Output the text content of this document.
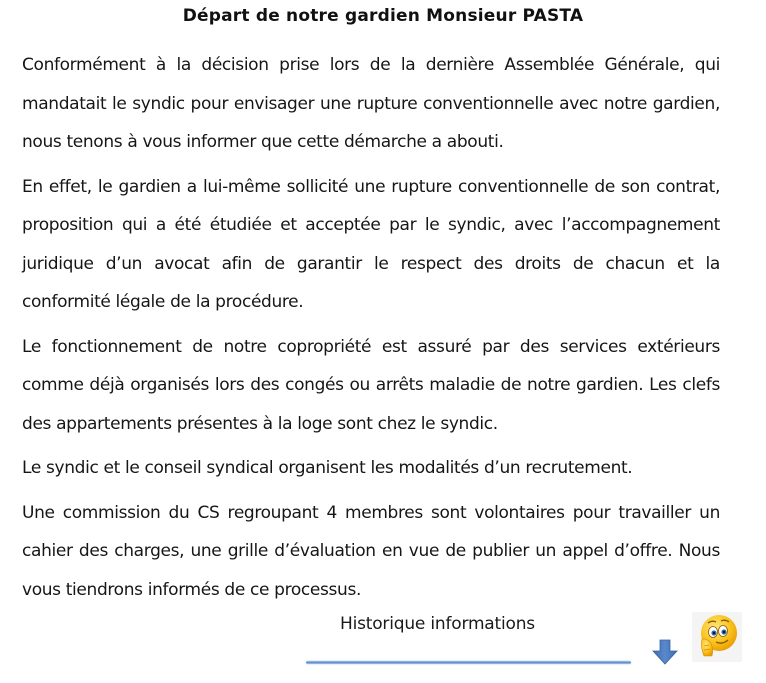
Départ de notre gardien Monsieur PASTA

Conformément à la décision prise lors de la dernière Assemblée Générale, qui mandatait le syndic pour envisager une rupture conventionnelle avec notre gardien, nous tenons à vous informer que cette démarche a abouti.

En effet, le gardien a lui-même sollicité une rupture conventionnelle de son contrat, proposition qui a été étudiée et acceptée par le syndic, avec l’accompagnement juridique d’un avocat afin de garantir le respect des droits de chacun et la conformité légale de la procédure.

Le fonctionnement de notre copropriété est assuré par des services extérieurs comme déjà organisés lors des congés ou arrêts maladie de notre gardien. Les clefs des appartements présentes à la loge sont chez le syndic.

Le syndic et le conseil syndical organisent les modalités d’un recrutement.

Une commission du CS regroupant 4 membres sont volontaires pour travailler un cahier des charges, une grille d’évaluation en vue de publier un appel d’offre. Nous vous tiendrons informés de ce processus.

Historique informations
